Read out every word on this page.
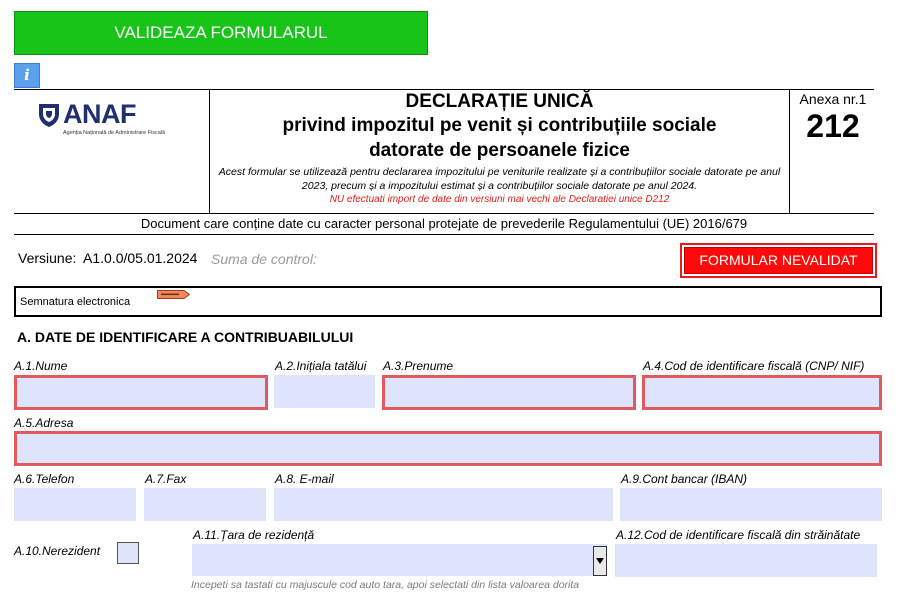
VALIDEAZA FORMULARUL
i
ANAF
Agenția Națională de Administrare Fiscală
DECLARAȚIE UNICĂ
privind impozitul pe venit și contribuțiile sociale
datorate de persoanele fizice
Acest formular se utilizează pentru declararea impozitului pe veniturile realizate și a contribuțiilor sociale datorate pe anul 2023, precum și a impozitului estimat și a contribuțiilor sociale datorate pe anul 2024.
NU efectuati import de date din versiuni mai vechi ale Declaratiei unice D212
Anexa nr.1
212
Document care conține date cu caracter personal protejate de prevederile Regulamentului (UE) 2016/679
Versiune: A1.0.0/05.01.2024 Suma de control:	FORMULAR NEVALIDAT
Semnatura electronica
A. DATE DE IDENTIFICARE A CONTRIBUABILULUI
A.1.Nume	A.2.Inițiala tatălui A.3.Prenume	A.4.Cod de identificare fiscală (CNP/ NIF)
A.5.Adresa
A.6.Telefon	A.7.Fax	A.8. E-mail	A.9.Cont bancar (IBAN)
A.10.Nerezident
A.11.Țara de rezidență	A.12.Cod de identificare fiscală din străinătate
Incepeti sa tastati cu majuscule cod auto tara, apoi selectati din lista valoarea dorita
